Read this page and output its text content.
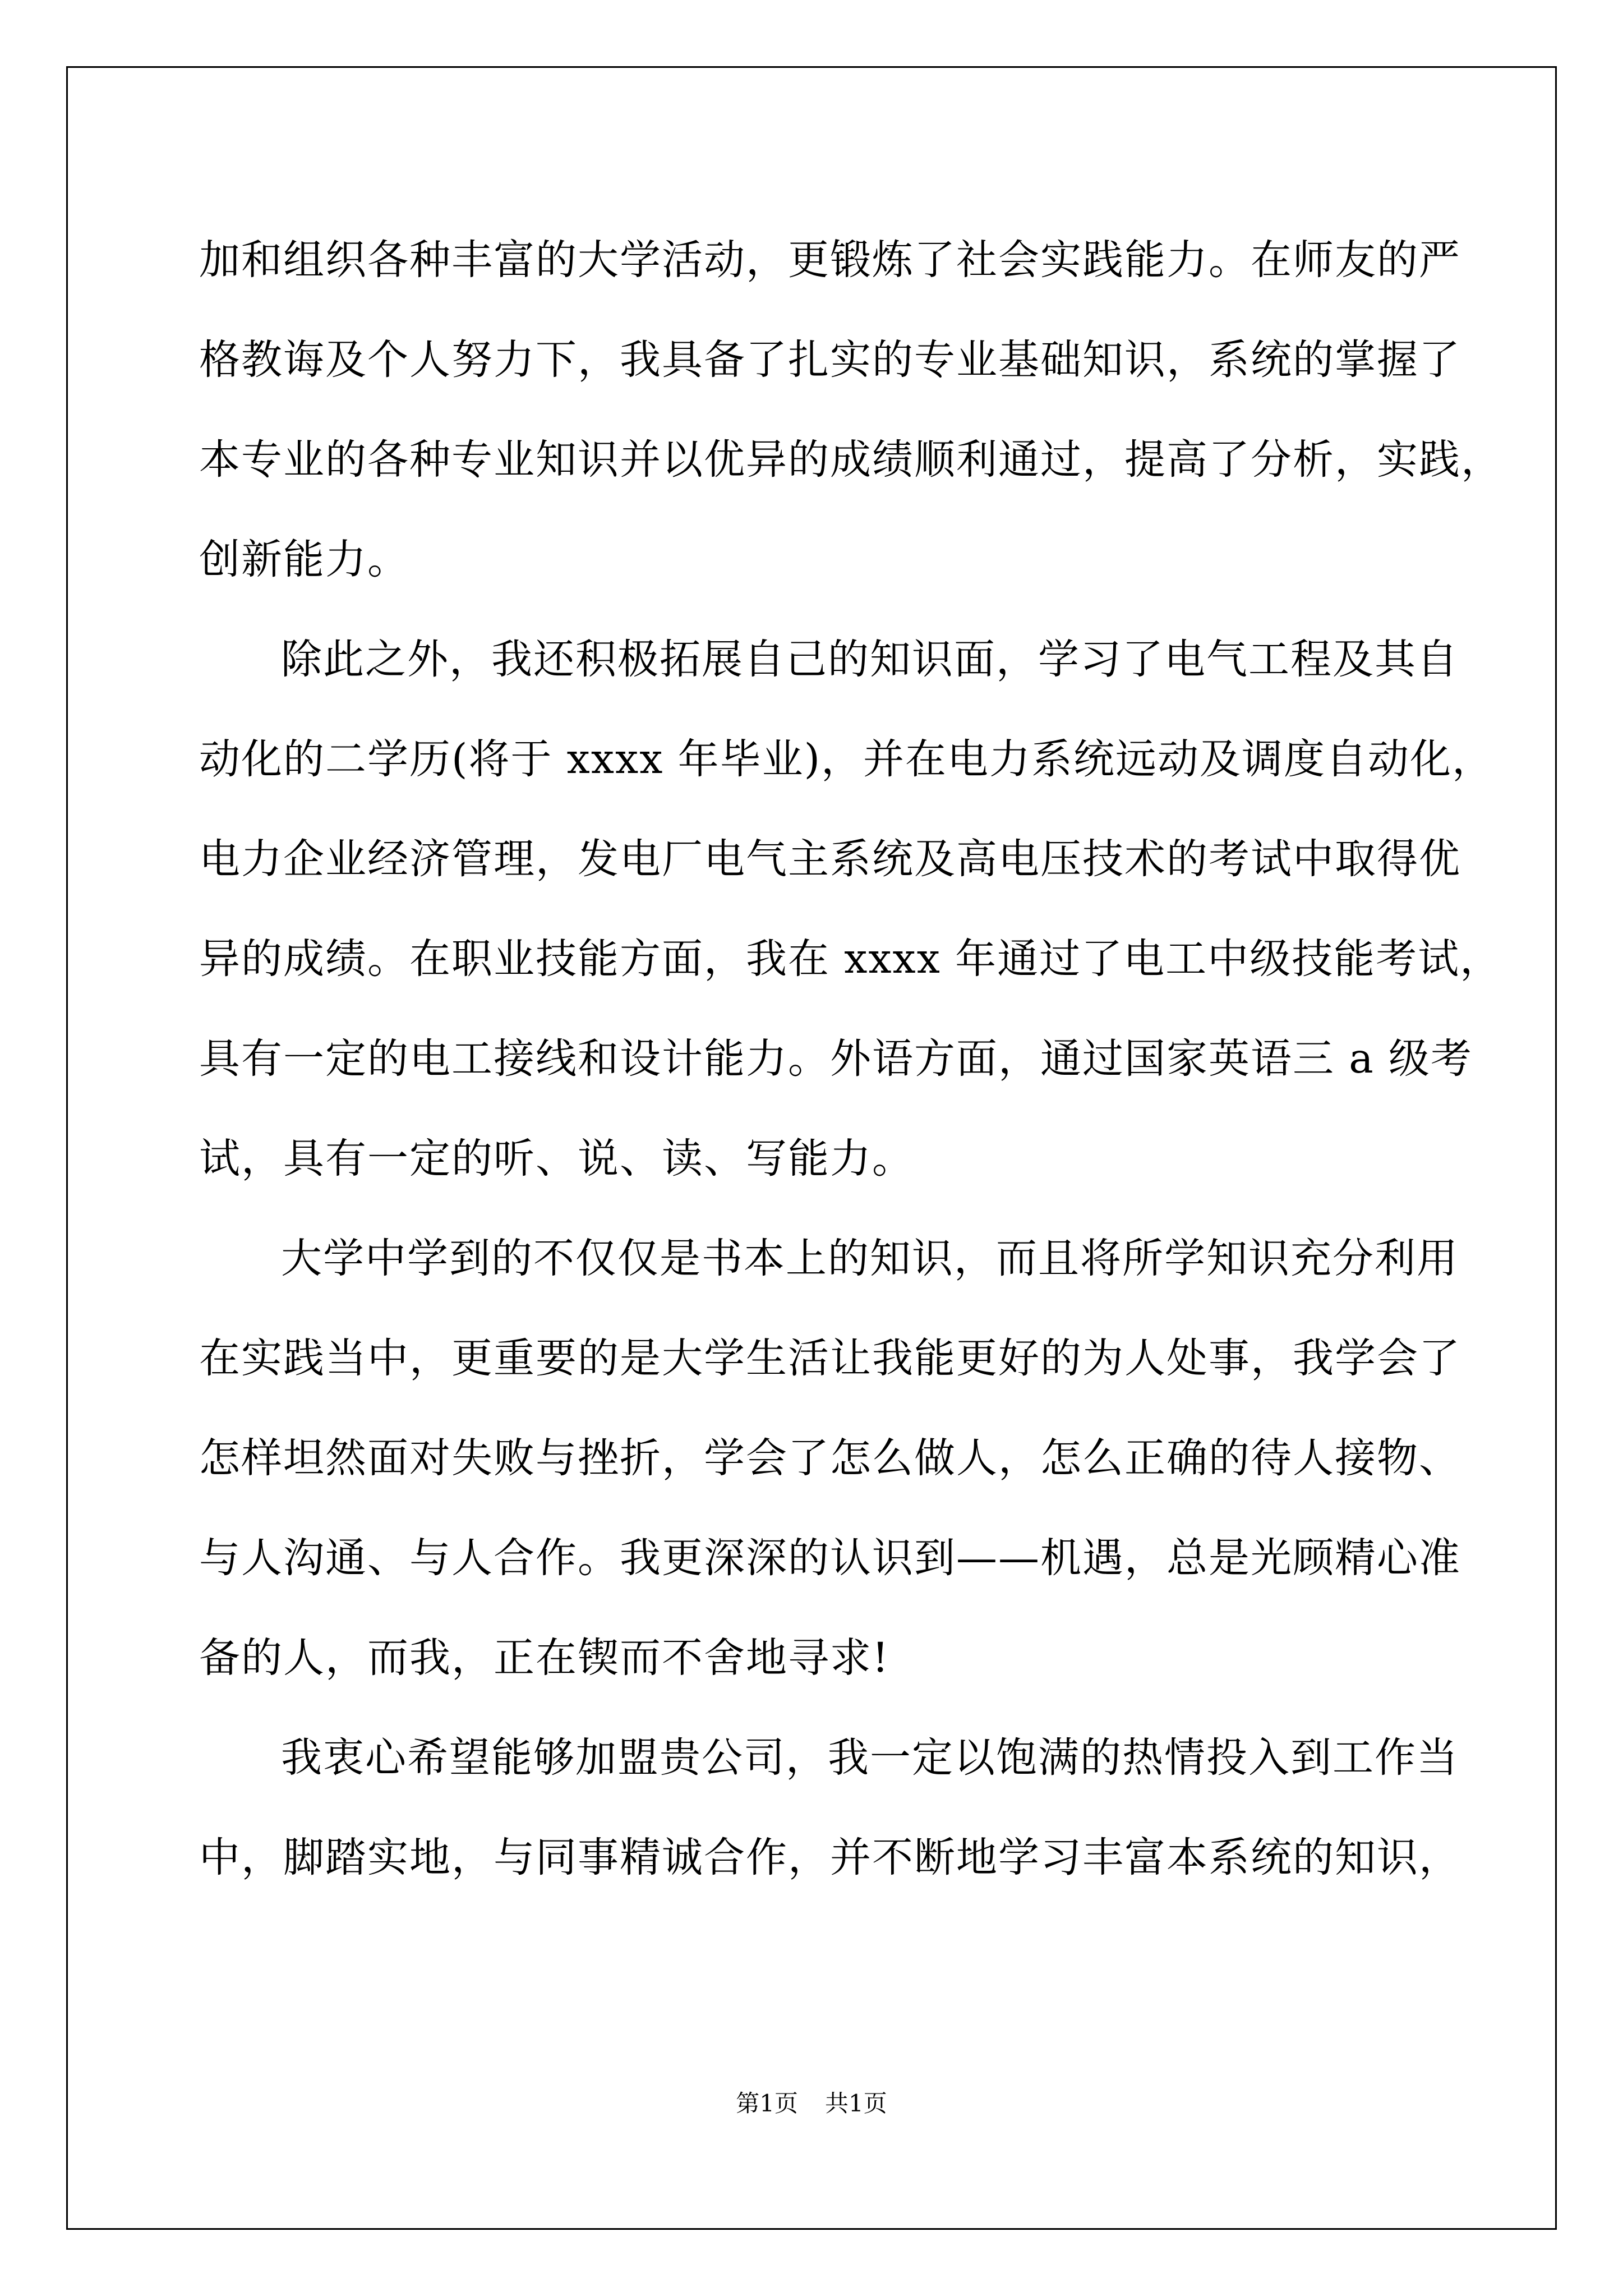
加和组织各种丰富的大学活动，更锻炼了社会实践能力。在师友的严
格教诲及个人努力下，我具备了扎实的专业基础知识，系统的掌握了
本专业的各种专业知识并以优异的成绩顺利通过，提高了分析，实践，
创新能力。
除此之外，我还积极拓展自己的知识面，学习了电气工程及其自
动化的二学历(将于 xxxx 年毕业)，并在电力系统远动及调度自动化，
电力企业经济管理，发电厂电气主系统及高电压技术的考试中取得优
异的成绩。在职业技能方面，我在 xxxx 年通过了电工中级技能考试，
具有一定的电工接线和设计能力。外语方面，通过国家英语三 a 级考
试，具有一定的听、说、读、写能力。
大学中学到的不仅仅是书本上的知识，而且将所学知识充分利用
在实践当中，更重要的是大学生活让我能更好的为人处事，我学会了
怎样坦然面对失败与挫折，学会了怎么做人，怎么正确的待人接物、
与人沟通、与人合作。我更深深的认识到——机遇，总是光顾精心准
备的人，而我，正在锲而不舍地寻求!
我衷心希望能够加盟贵公司，我一定以饱满的热情投入到工作当
中，脚踏实地，与同事精诚合作，并不断地学习丰富本系统的知识，
第1页 共1页
